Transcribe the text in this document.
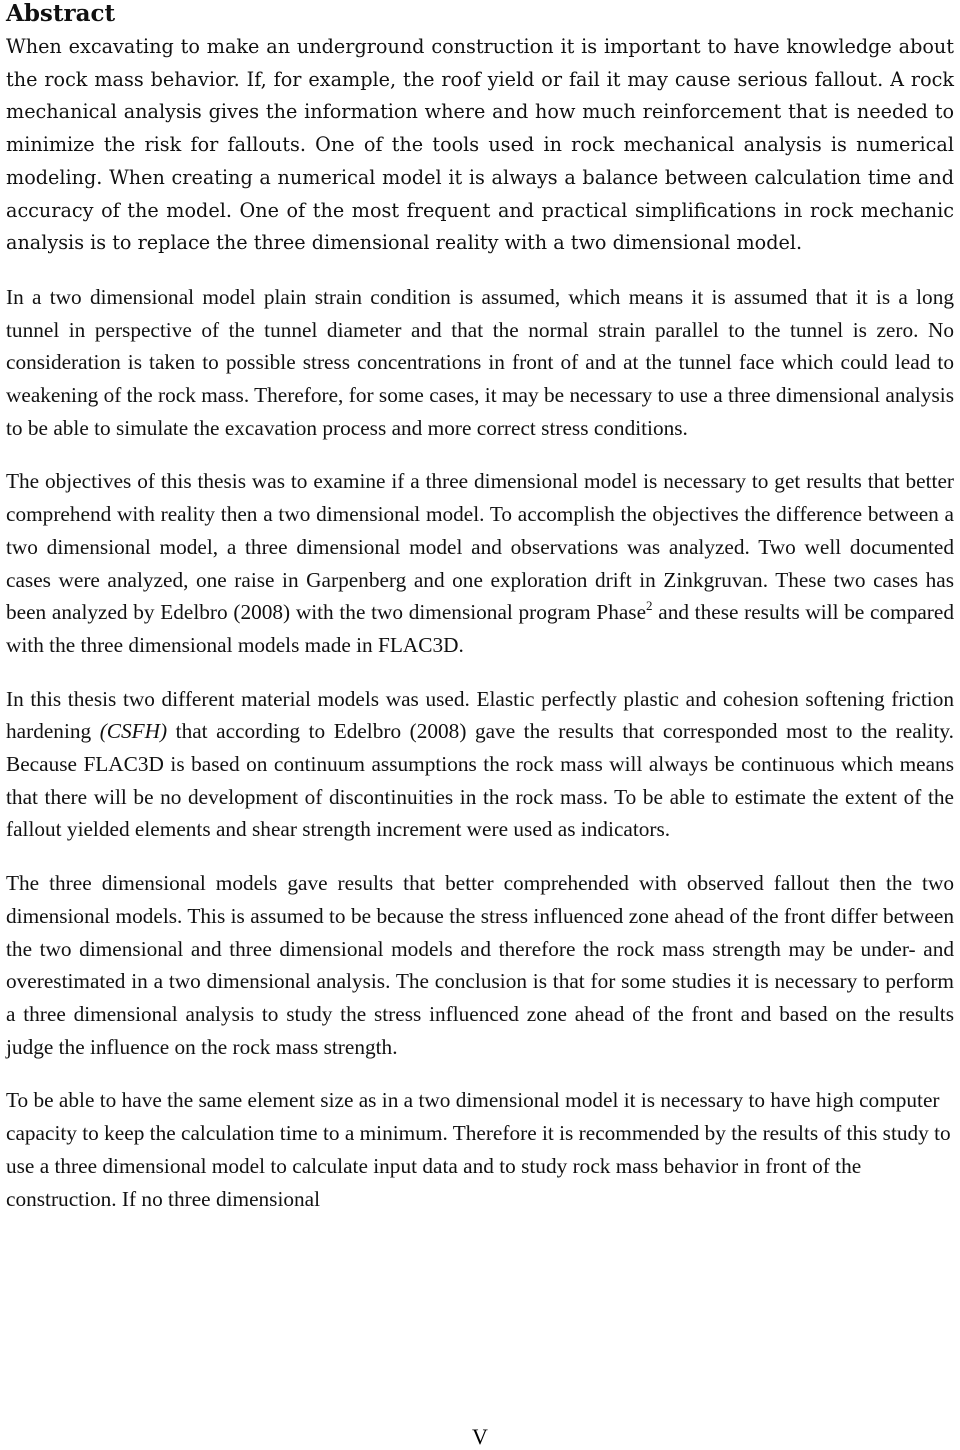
Abstract

When excavating to make an underground construction it is important to have knowledge about the rock mass behavior. If, for example, the roof yield or fail it may cause serious fallout. A rock mechanical analysis gives the information where and how much reinforcement that is needed to minimize the risk for fallouts. One of the tools used in rock mechanical analysis is numerical modeling. When creating a numerical model it is always a balance between calculation time and accuracy of the model. One of the most frequent and practical simplifications in rock mechanic analysis is to replace the three dimensional reality with a two dimensional model.

In a two dimensional model plain strain condition is assumed, which means it is assumed that it is a long tunnel in perspective of the tunnel diameter and that the normal strain parallel to the tunnel is zero. No consideration is taken to possible stress concentrations in front of and at the tunnel face which could lead to weakening of the rock mass. Therefore, for some cases, it may be necessary to use a three dimensional analysis to be able to simulate the excavation process and more correct stress conditions.

The objectives of this thesis was to examine if a three dimensional model is necessary to get results that better comprehend with reality then a two dimensional model. To accomplish the objectives the difference between a two dimensional model, a three dimensional model and observations was analyzed. Two well documented cases were analyzed, one raise in Garpenberg and one exploration drift in Zinkgruvan. These two cases has been analyzed by Edelbro (2008) with the two dimensional program Phase$^2$ and these results will be compared with the three dimensional models made in FLAC3D.

In this thesis two different material models was used. Elastic perfectly plastic and cohesion softening friction hardening (CSFH) that according to Edelbro (2008) gave the results that corresponded most to the reality. Because FLAC3D is based on continuum assumptions the rock mass will always be continuous which means that there will be no development of discontinuities in the rock mass. To be able to estimate the extent of the fallout yielded elements and shear strength increment were used as indicators.

The three dimensional models gave results that better comprehended with observed fallout then the two dimensional models. This is assumed to be because the stress influenced zone ahead of the front differ between the two dimensional and three dimensional models and therefore the rock mass strength may be under- and overestimated in a two dimensional analysis. The conclusion is that for some studies it is necessary to perform a three dimensional analysis to study the stress influenced zone ahead of the front and based on the results judge the influence on the rock mass strength.

To be able to have the same element size as in a two dimensional model it is necessary to have high computer capacity to keep the calculation time to a minimum. Therefore it is recommended by the results of this study to use a three dimensional model to calculate input data and to study rock mass behavior in front of the construction. If no three dimensional

V
